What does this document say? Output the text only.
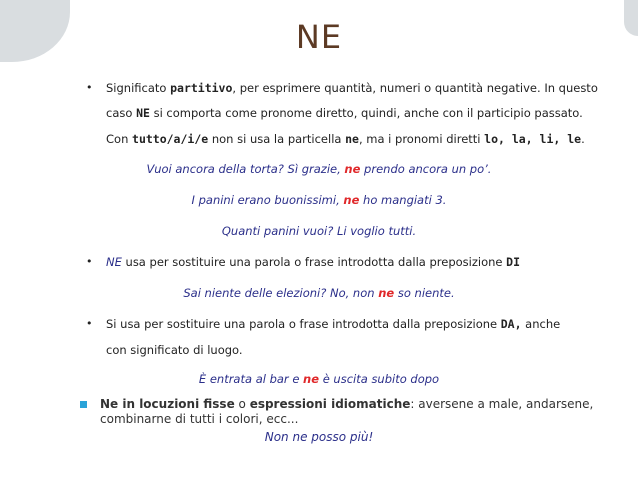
NE
• Significato partitivo, per esprimere quantità, numeri o quantità negative. In questo
caso NE si comporta come pronome diretto, quindi, anche con il participio passato.
Con tutto/a/i/e non si usa la particella ne, ma i pronomi diretti lo, la, li, le.
Vuoi ancora della torta? Sì grazie, ne prendo ancora un po’.
I panini erano buonissimi, ne ho mangiati 3.
Quanti panini vuoi? Li voglio tutti.
• NE usa per sostituire una parola o frase introdotta dalla preposizione DI
Sai niente delle elezioni? No, non ne so niente.
• Si usa per sostituire una parola o frase introdotta dalla preposizione DA, anche
con significato di luogo.
È entrata al bar e ne è uscita subito dopo
Ne in locuzioni fisse o espressioni idiomatiche: aversene a male, andarsene,
combinarne di tutti i colori, ecc...
Non ne posso più!
